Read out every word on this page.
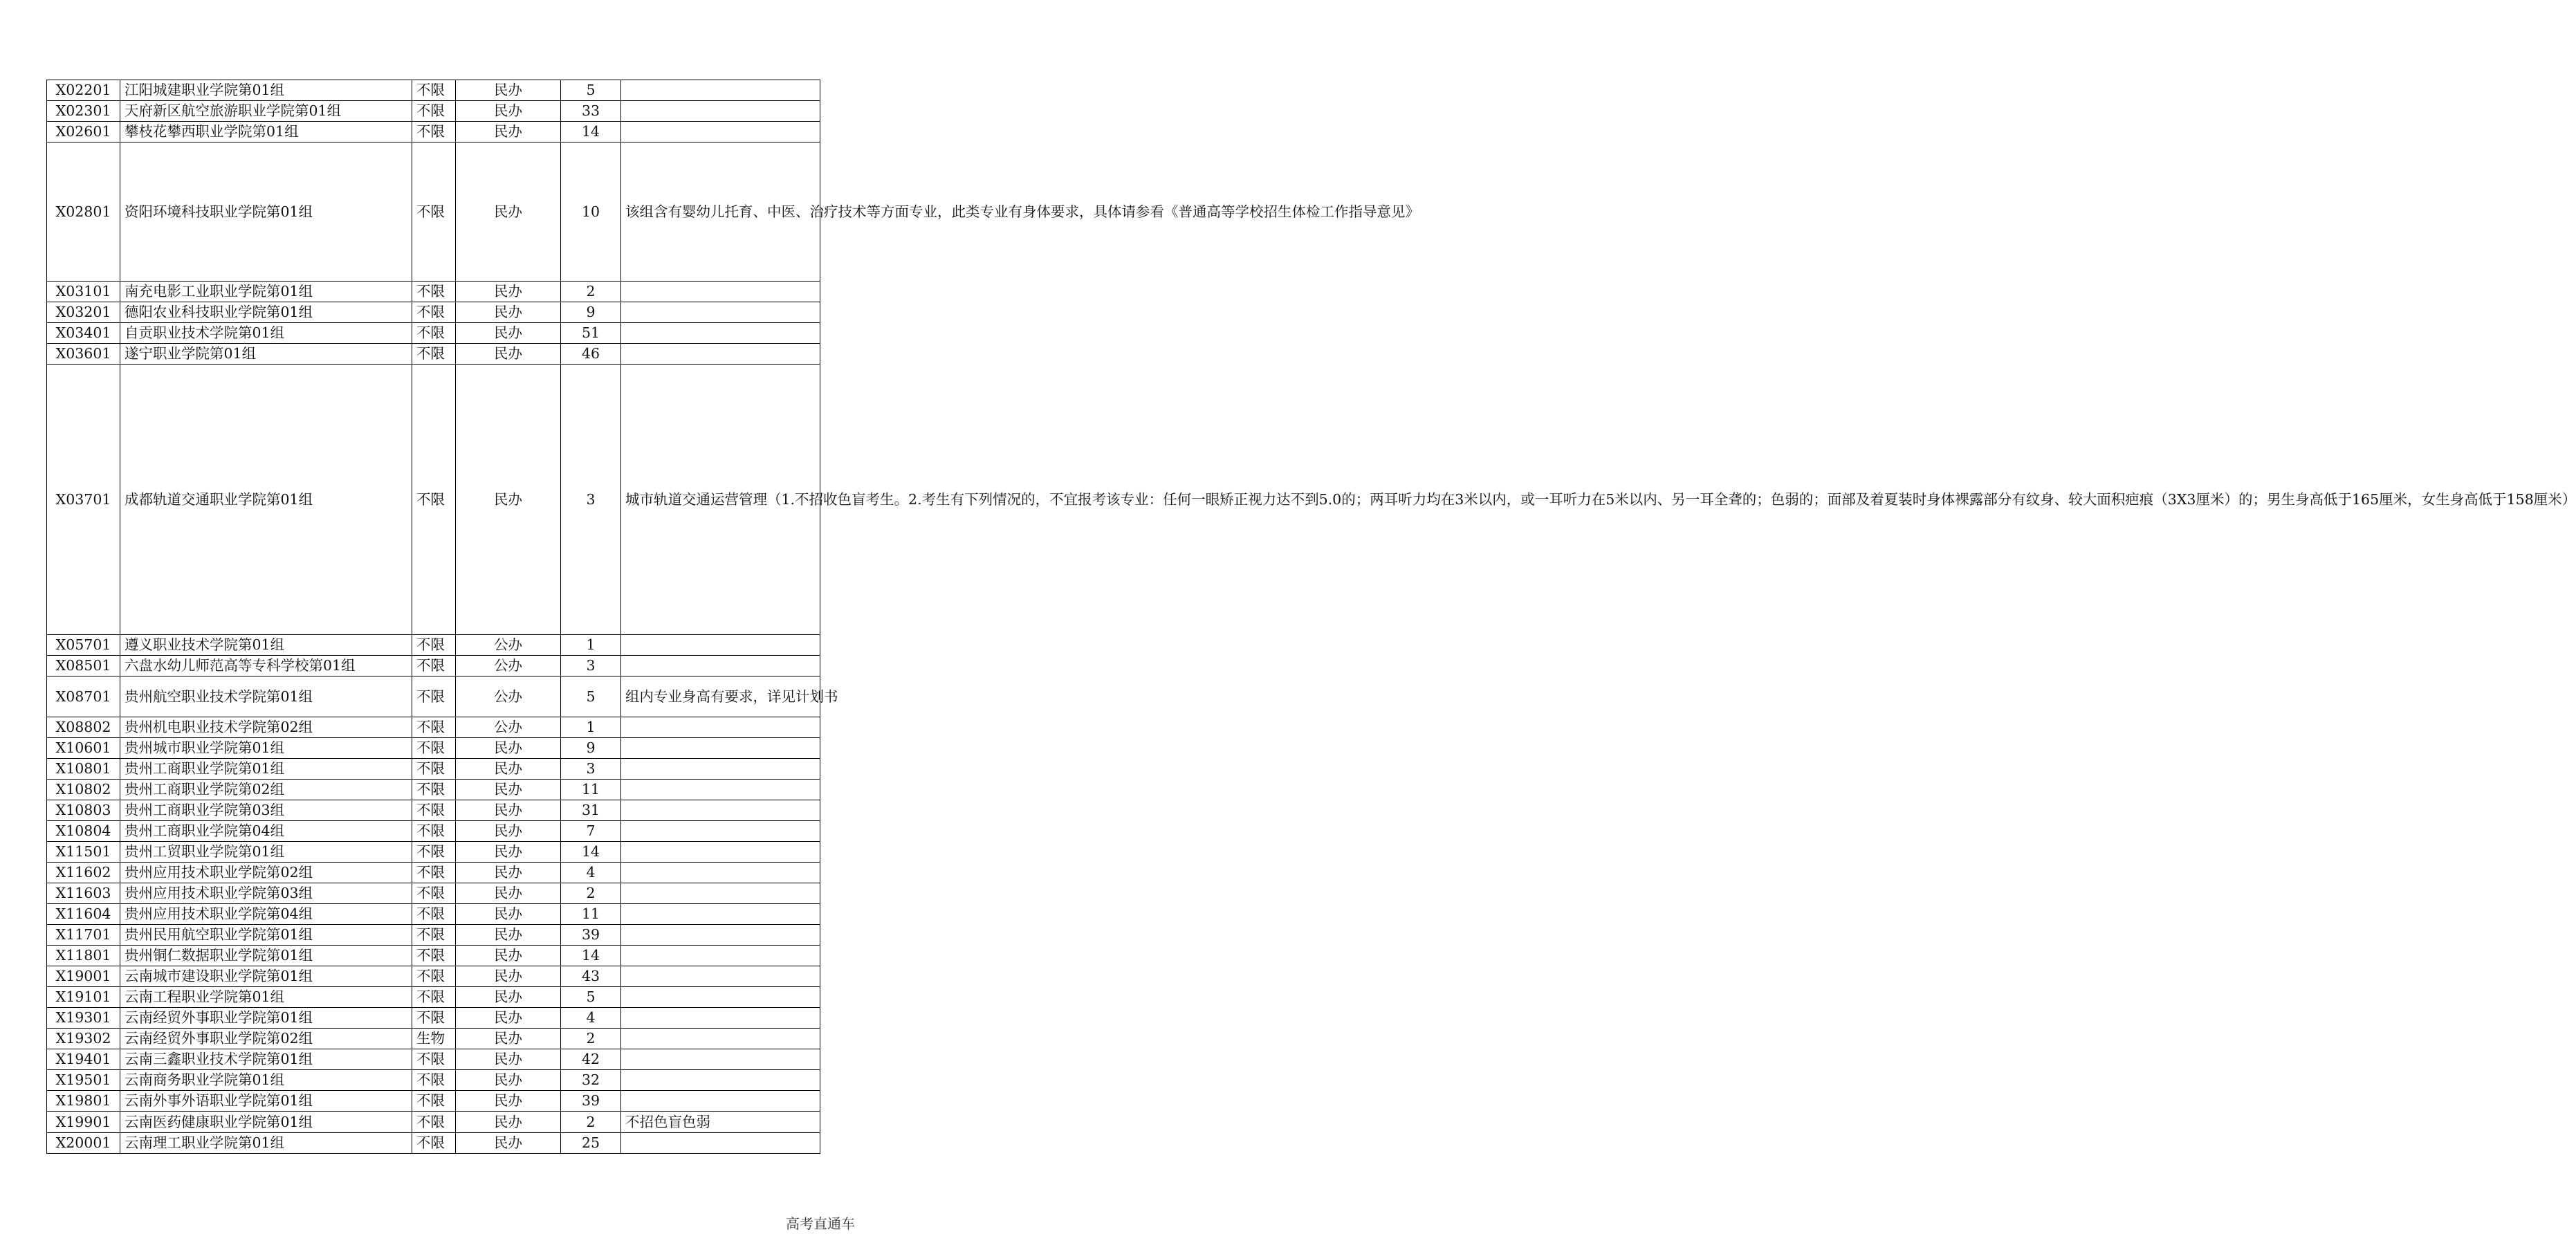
X02201	江阳城建职业学院第01组	不限	民办	5	
X02301	天府新区航空旅游职业学院第01组	不限	民办	33	
X02601	攀枝花攀西职业学院第01组	不限	民办	14	
X02801	资阳环境科技职业学院第01组	不限	民办	10	该组含有婴幼儿托育、中医、治疗技术等方面专业，此类专业有身体要求，具体请参看《普通高等学校招生体检工作指导意见》
X03101	南充电影工业职业学院第01组	不限	民办	2	
X03201	德阳农业科技职业学院第01组	不限	民办	9	
X03401	自贡职业技术学院第01组	不限	民办	51	
X03601	遂宁职业学院第01组	不限	民办	46	
X03701	成都轨道交通职业学院第01组	不限	民办	3	城市轨道交通运营管理（1.不招收色盲考生。2.考生有下列情况的，不宜报考该专业：任何一眼矫正视力达不到5.0的；两耳听力均在3米以内，或一耳听力在5米以内、另一耳全聋的；色弱的；面部及着夏装时身体裸露部分有纹身、较大面积疤痕（3X3厘米）的；男生身高低于165厘米，女生身高低于158厘米）
X05701	遵义职业技术学院第01组	不限	公办	1	
X08501	六盘水幼儿师范高等专科学校第01组	不限	公办	3	
X08701	贵州航空职业技术学院第01组	不限	公办	5	组内专业身高有要求，详见计划书
X08802	贵州机电职业技术学院第02组	不限	公办	1	
X10601	贵州城市职业学院第01组	不限	民办	9	
X10801	贵州工商职业学院第01组	不限	民办	3	
X10802	贵州工商职业学院第02组	不限	民办	11	
X10803	贵州工商职业学院第03组	不限	民办	31	
X10804	贵州工商职业学院第04组	不限	民办	7	
X11501	贵州工贸职业学院第01组	不限	民办	14	
X11602	贵州应用技术职业学院第02组	不限	民办	4	
X11603	贵州应用技术职业学院第03组	不限	民办	2	
X11604	贵州应用技术职业学院第04组	不限	民办	11	
X11701	贵州民用航空职业学院第01组	不限	民办	39	
X11801	贵州铜仁数据职业学院第01组	不限	民办	14	
X19001	云南城市建设职业学院第01组	不限	民办	43	
X19101	云南工程职业学院第01组	不限	民办	5	
X19301	云南经贸外事职业学院第01组	不限	民办	4	
X19302	云南经贸外事职业学院第02组	生物	民办	2	
X19401	云南三鑫职业技术学院第01组	不限	民办	42	
X19501	云南商务职业学院第01组	不限	民办	32	
X19801	云南外事外语职业学院第01组	不限	民办	39	
X19901	云南医药健康职业学院第01组	不限	民办	2	不招色盲色弱
X20001	云南理工职业学院第01组	不限	民办	25	
高考直通车
